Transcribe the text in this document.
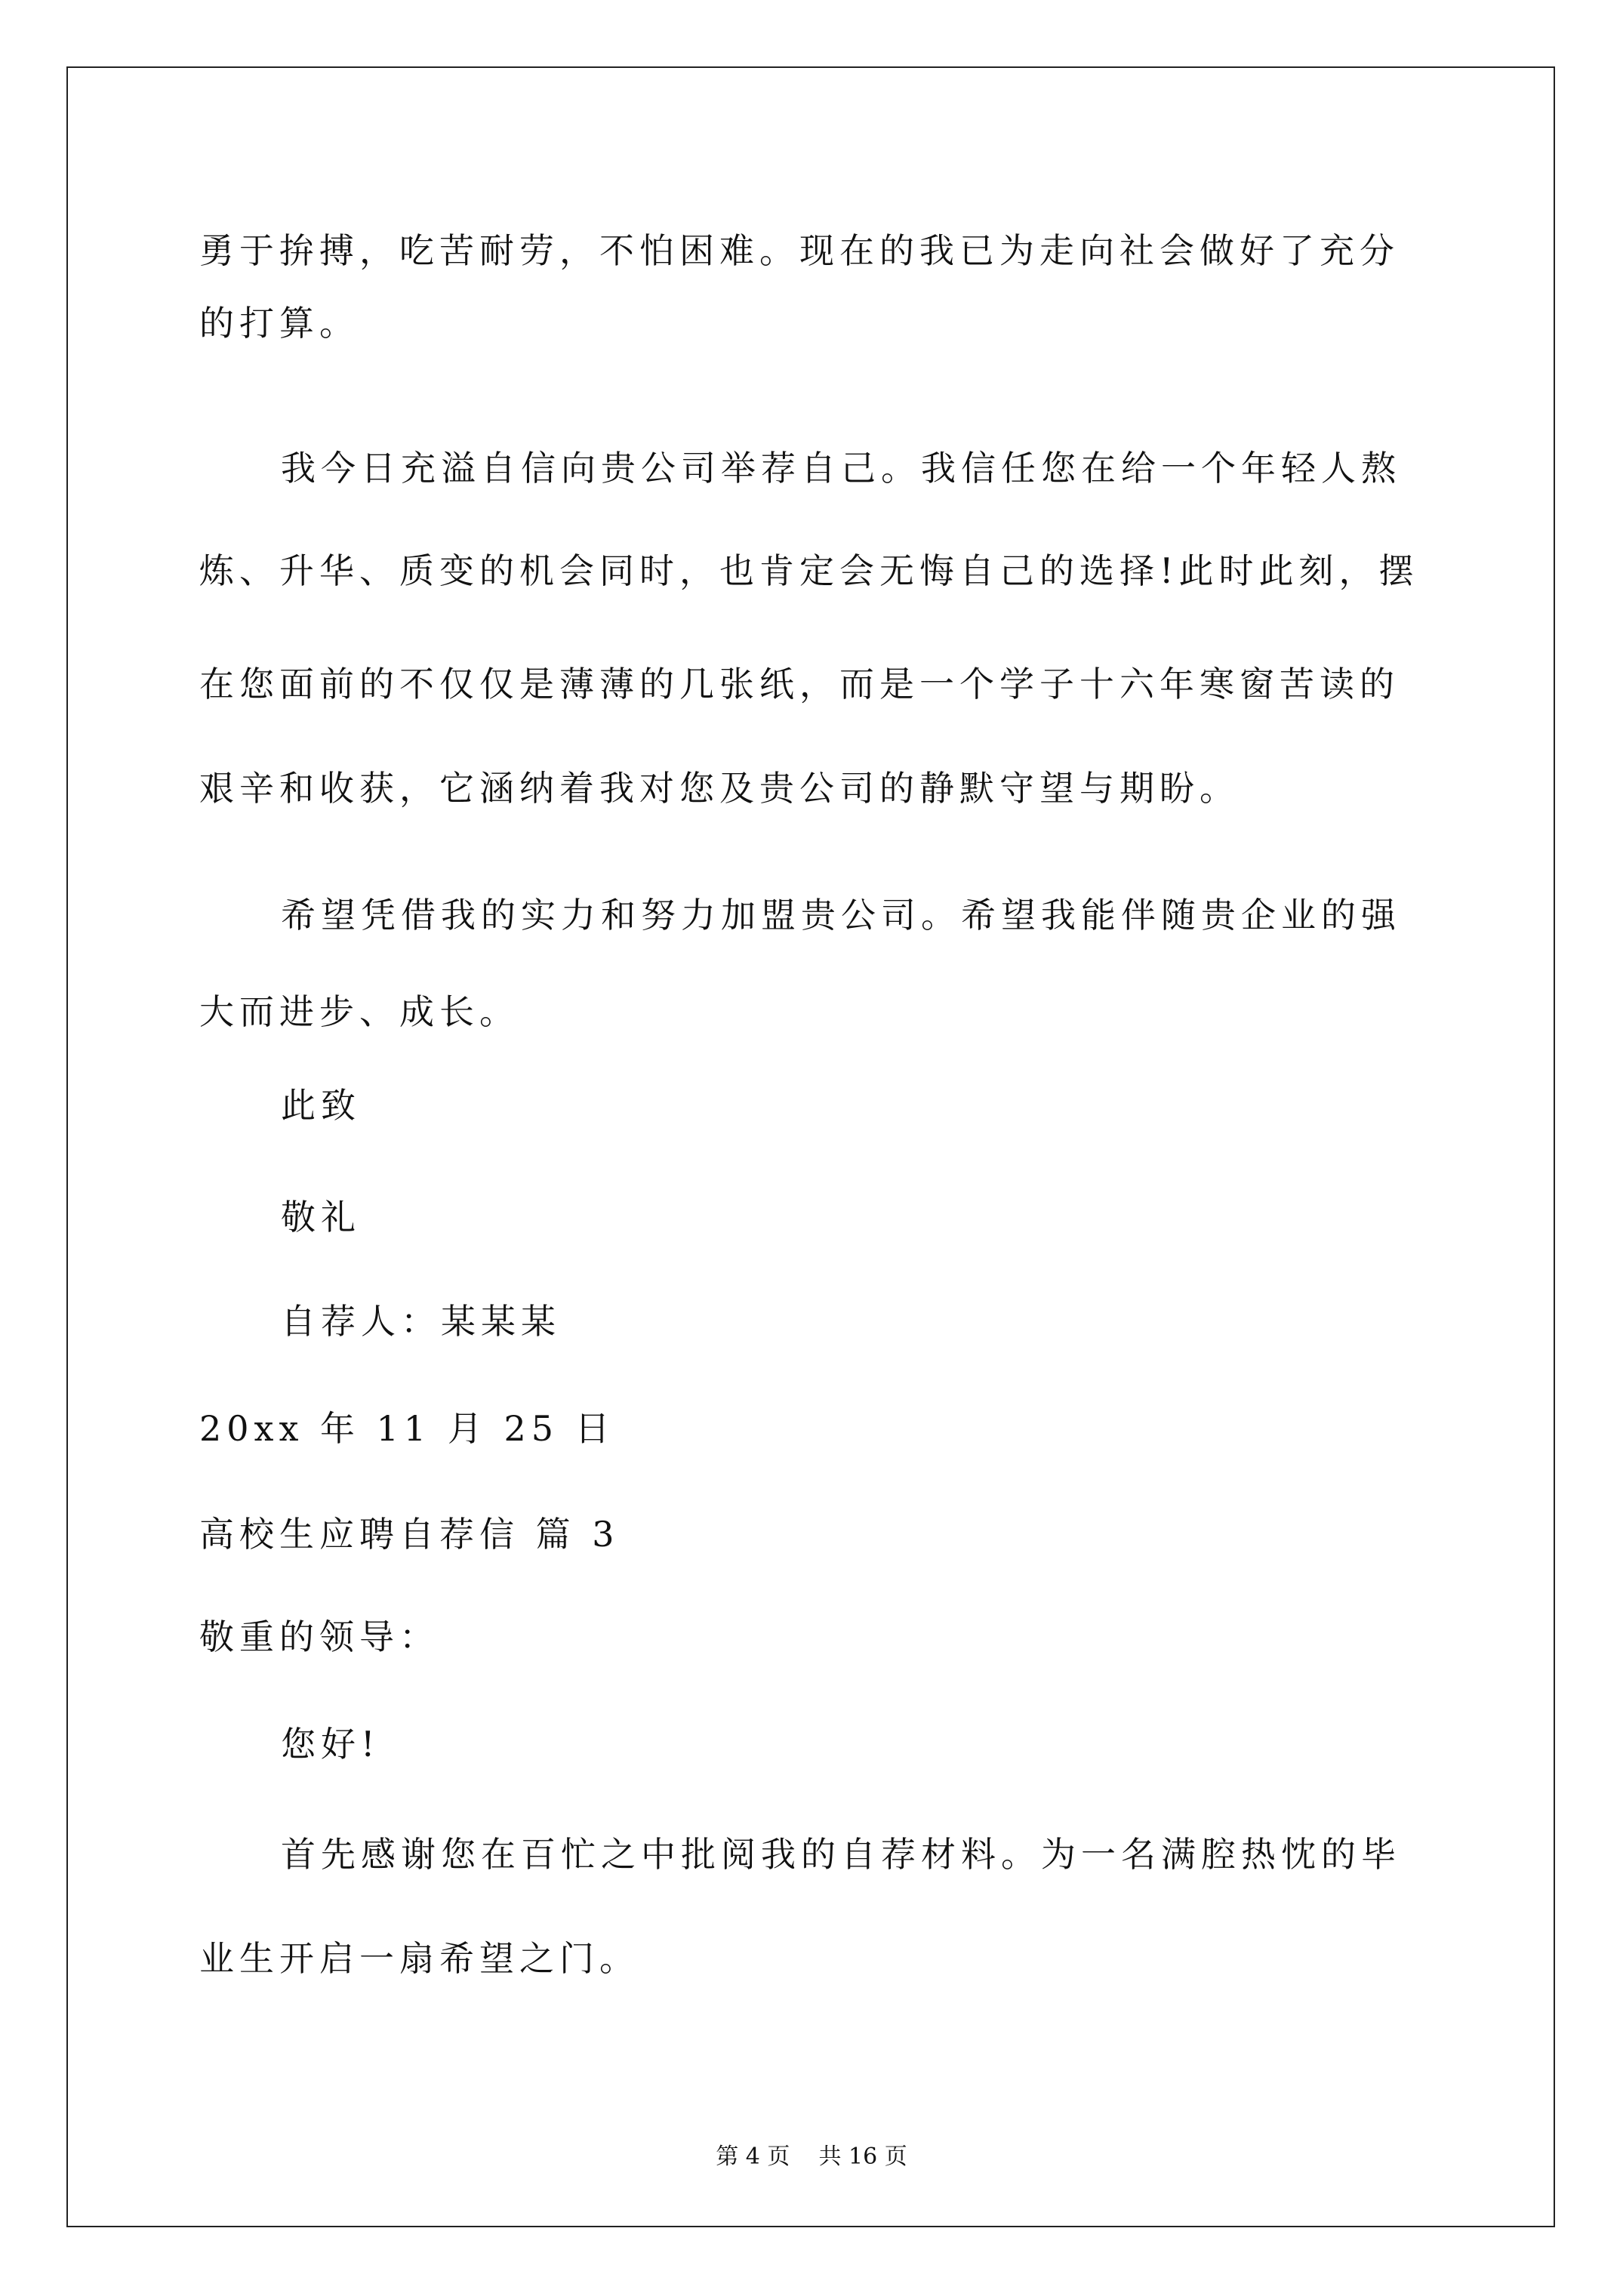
勇于拚搏，吃苦耐劳，不怕困难。现在的我已为走向社会做好了充分
的打算。
我今日充溢自信向贵公司举荐自己。我信任您在给一个年轻人熬
炼、升华、质变的机会同时，也肯定会无悔自己的选择!此时此刻，摆
在您面前的不仅仅是薄薄的几张纸，而是一个学子十六年寒窗苦读的
艰辛和收获，它涵纳着我对您及贵公司的静默守望与期盼。
希望凭借我的实力和努力加盟贵公司。希望我能伴随贵企业的强
大而进步、成长。
此致
敬礼
自荐人：某某某
20xx 年 11 月 25 日
高校生应聘自荐信 篇 3
敬重的领导：
您好!
首先感谢您在百忙之中批阅我的自荐材料。为一名满腔热忱的毕
业生开启一扇希望之门。
第 4 页    共 16 页
